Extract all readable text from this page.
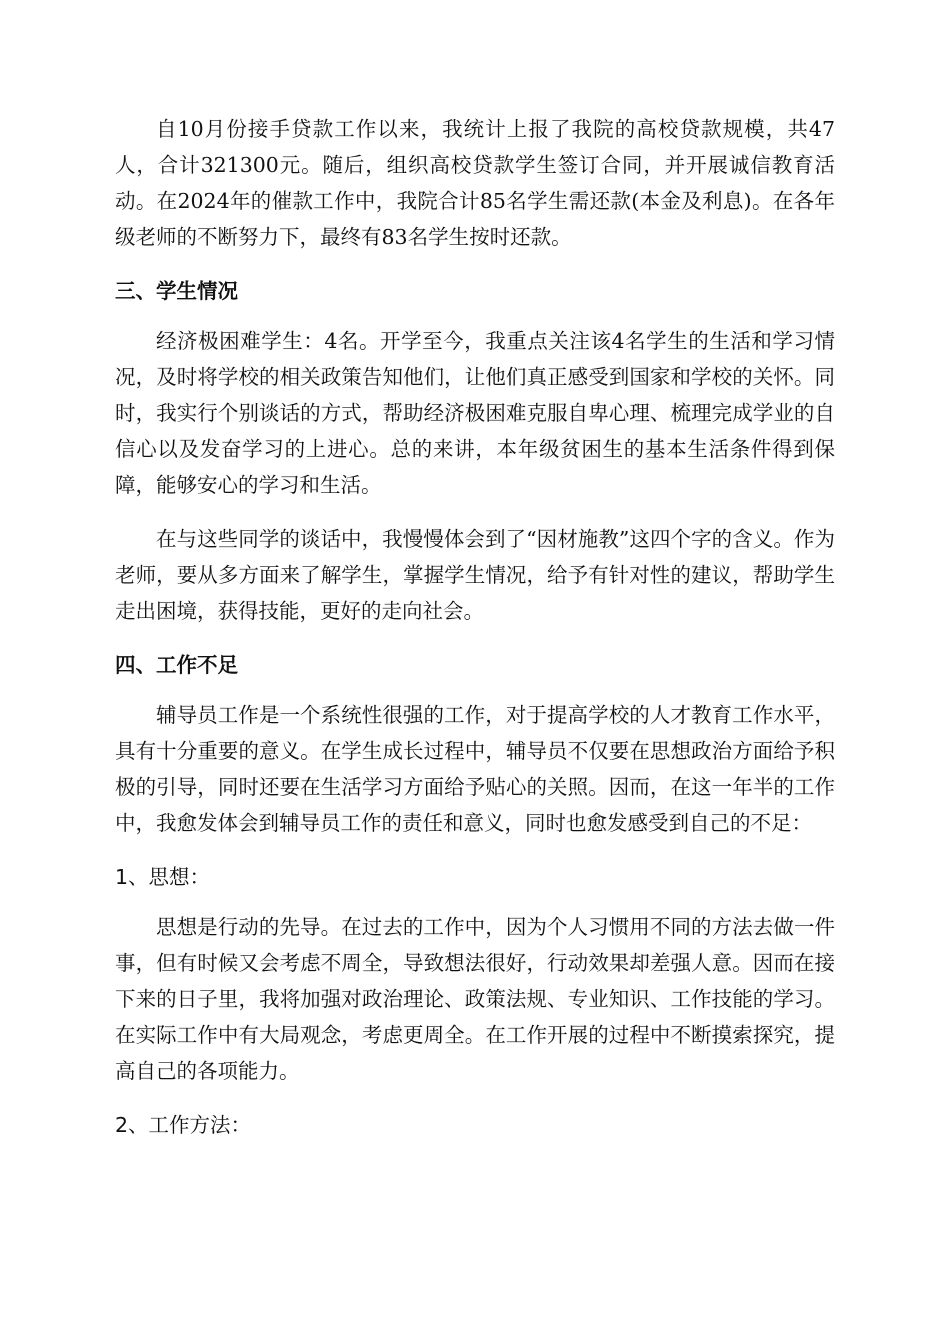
自10月份接手贷款工作以来，我统计上报了我院的高校贷款规模，共47人，合计321300元。随后，组织高校贷款学生签订合同，并开展诚信教育活动。在2024年的催款工作中，我院合计85名学生需还款(本金及利息)。在各年级老师的不断努力下，最终有83名学生按时还款。

三、学生情况

经济极困难学生：4名。开学至今，我重点关注该4名学生的生活和学习情况，及时将学校的相关政策告知他们，让他们真正感受到国家和学校的关怀。同时，我实行个别谈话的方式，帮助经济极困难克服自卑心理、梳理完成学业的自信心以及发奋学习的上进心。总的来讲，本年级贫困生的基本生活条件得到保障，能够安心的学习和生活。

在与这些同学的谈话中，我慢慢体会到了“因材施教”这四个字的含义。作为老师，要从多方面来了解学生，掌握学生情况，给予有针对性的建议，帮助学生走出困境，获得技能，更好的走向社会。

四、工作不足

辅导员工作是一个系统性很强的工作，对于提高学校的人才教育工作水平，具有十分重要的意义。在学生成长过程中，辅导员不仅要在思想政治方面给予积极的引导，同时还要在生活学习方面给予贴心的关照。因而，在这一年半的工作中，我愈发体会到辅导员工作的责任和意义，同时也愈发感受到自己的不足：

1、思想：

思想是行动的先导。在过去的工作中，因为个人习惯用不同的方法去做一件事，但有时候又会考虑不周全，导致想法很好，行动效果却差强人意。因而在接下来的日子里，我将加强对政治理论、政策法规、专业知识、工作技能的学习。在实际工作中有大局观念，考虑更周全。在工作开展的过程中不断摸索探究，提高自己的各项能力。

2、工作方法：
